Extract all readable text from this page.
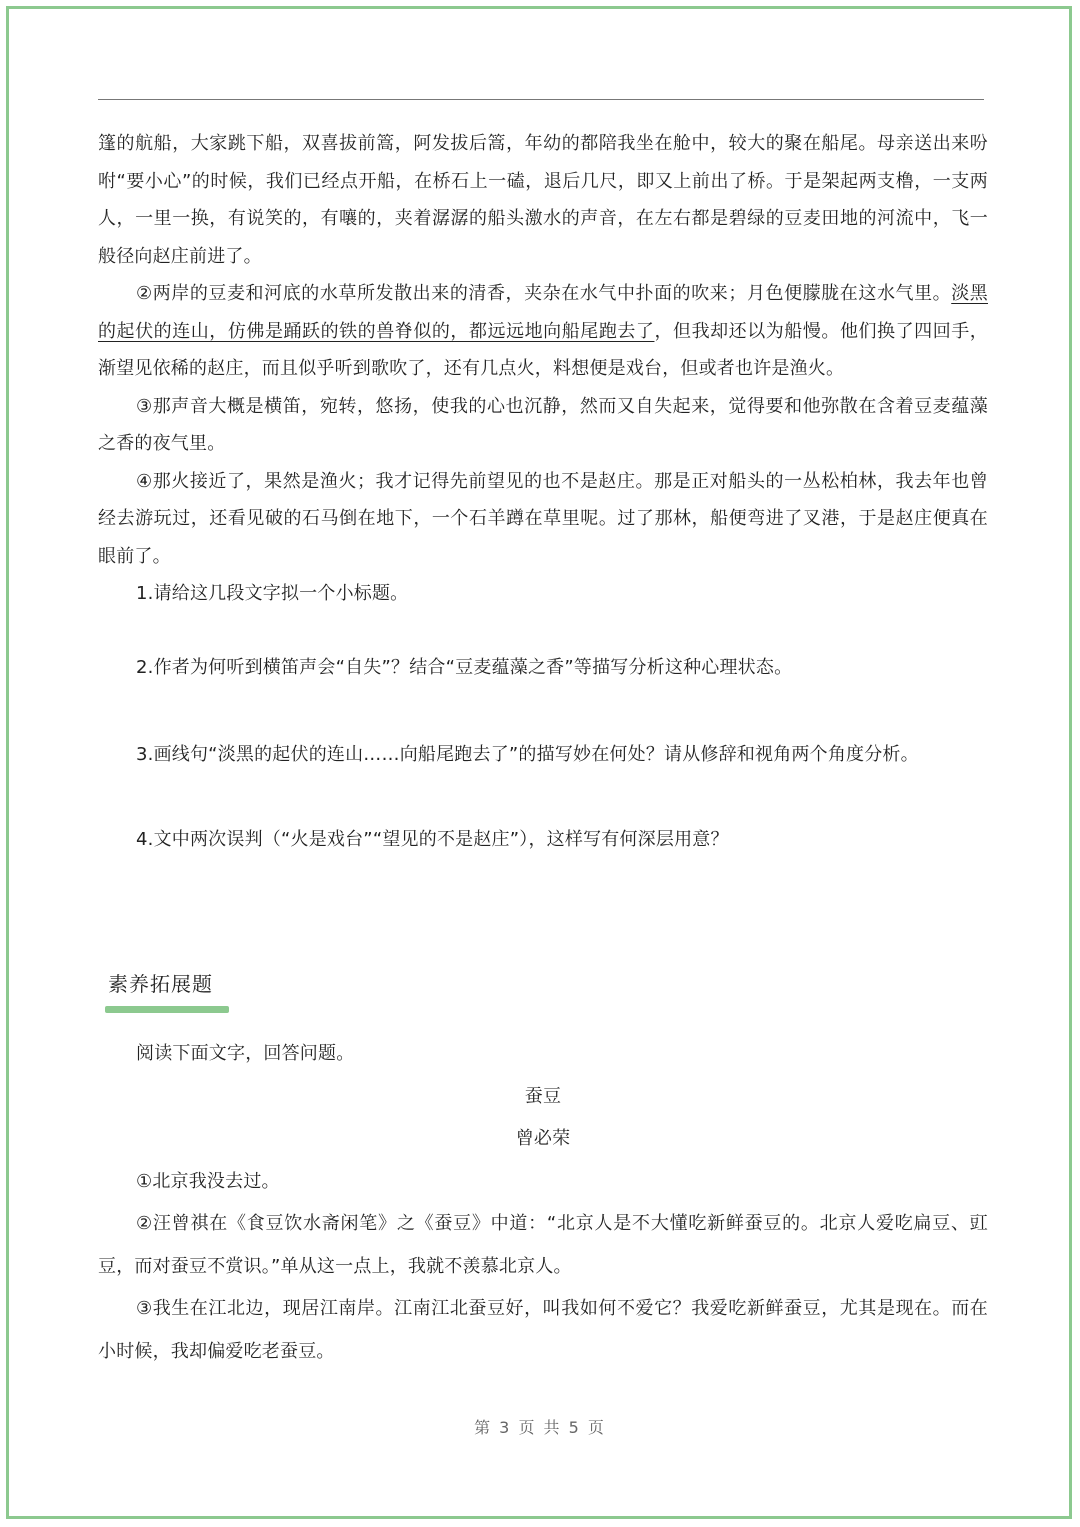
篷的航船，大家跳下船，双喜拔前篙，阿发拔后篙，年幼的都陪我坐在舱中，较大的聚在船尾。母亲送出来吩咐“要小心”的时候，我们已经点开船，在桥石上一磕，退后几尺，即又上前出了桥。于是架起两支橹，一支两人，一里一换，有说笑的，有嚷的，夹着潺潺的船头激水的声音，在左右都是碧绿的豆麦田地的河流中，飞一般径向赵庄前进了。

②两岸的豆麦和河底的水草所发散出来的清香，夹杂在水气中扑面的吹来；月色便朦胧在这水气里。淡黑的起伏的连山，仿佛是踊跃的铁的兽脊似的，都远远地向船尾跑去了，但我却还以为船慢。他们换了四回手，渐望见依稀的赵庄，而且似乎听到歌吹了，还有几点火，料想便是戏台，但或者也许是渔火。

③那声音大概是横笛，宛转，悠扬，使我的心也沉静，然而又自失起来，觉得要和他弥散在含着豆麦蕴藻之香的夜气里。

④那火接近了，果然是渔火；我才记得先前望见的也不是赵庄。那是正对船头的一丛松柏林，我去年也曾经去游玩过，还看见破的石马倒在地下，一个石羊蹲在草里呢。过了那林，船便弯进了叉港，于是赵庄便真在眼前了。

1.请给这几段文字拟一个小标题。

2.作者为何听到横笛声会“自失”？结合“豆麦蕴藻之香”等描写分析这种心理状态。

3.画线句“淡黑的起伏的连山……向船尾跑去了”的描写妙在何处？请从修辞和视角两个角度分析。

4.文中两次误判（“火是戏台”“望见的不是赵庄”），这样写有何深层用意？

素养拓展题

阅读下面文字，回答问题。

蚕豆

曾必荣

①北京我没去过。

②汪曾祺在《食豆饮水斋闲笔》之《蚕豆》中道：“北京人是不大懂吃新鲜蚕豆的。北京人爱吃扁豆、豇豆，而对蚕豆不赏识。”单从这一点上，我就不羡慕北京人。

③我生在江北边，现居江南岸。江南江北蚕豆好，叫我如何不爱它？我爱吃新鲜蚕豆，尤其是现在。而在小时候，我却偏爱吃老蚕豆。

第 3 页 共 5 页
